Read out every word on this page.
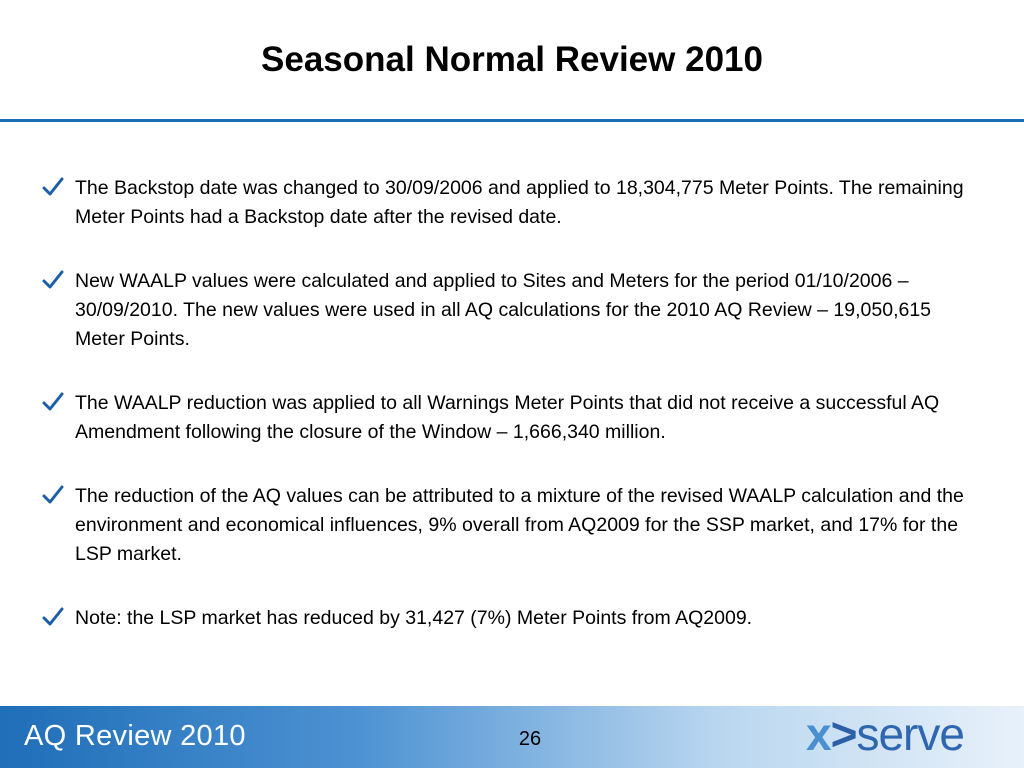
Seasonal Normal Review 2010
The Backstop date was changed to 30/09/2006 and applied to 18,304,775 Meter Points. The remaining Meter Points had a Backstop date after the revised date.
New WAALP values were calculated and applied to Sites and Meters for the period 01/10/2006 – 30/09/2010. The new values were used in all AQ calculations for the 2010 AQ Review – 19,050,615 Meter Points.
The WAALP reduction was applied to all Warnings Meter Points that did not receive a successful AQ Amendment following the closure of the Window – 1,666,340 million.
The reduction of the AQ values can be attributed to a mixture of the revised WAALP calculation and the environment and economical influences, 9% overall from AQ2009 for the SSP market, and 17% for the LSP market.
Note: the LSP market has reduced by 31,427 (7%) Meter Points from AQ2009.
AQ Review 2010	26	x>serve
